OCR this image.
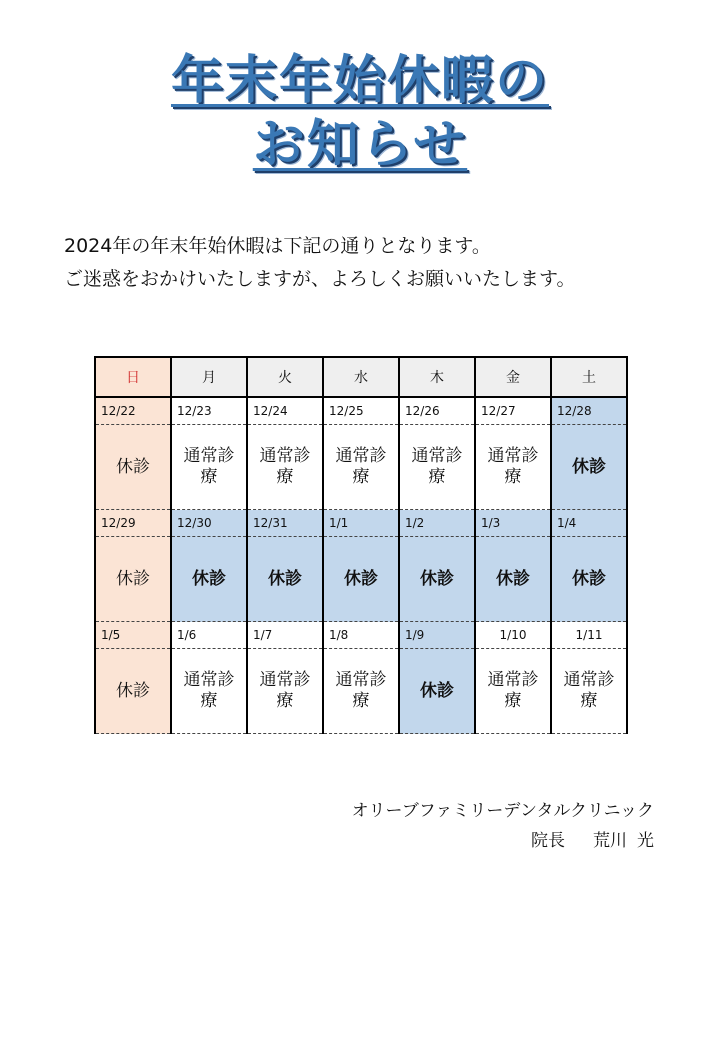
年末年始休暇の
お知らせ
2024年の年末年始休暇は下記の通りとなります。
ご迷惑をおかけいたしますが、よろしくお願いいたします。
日	月	火	水	木	金	土
12/22	12/23	12/24	12/25	12/26	12/27	12/28
休診	通常診療	通常診療	通常診療	通常診療	通常診療	休診
12/29	12/30	12/31	1/1	1/2	1/3	1/4
休診	休診	休診	休診	休診	休診	休診
1/5	1/6	1/7	1/8	1/9	1/10	1/11
休診	通常診療	通常診療	通常診療	休診	通常診療	通常診療
オリーブファミリーデンタルクリニック
院長 荒川 光
